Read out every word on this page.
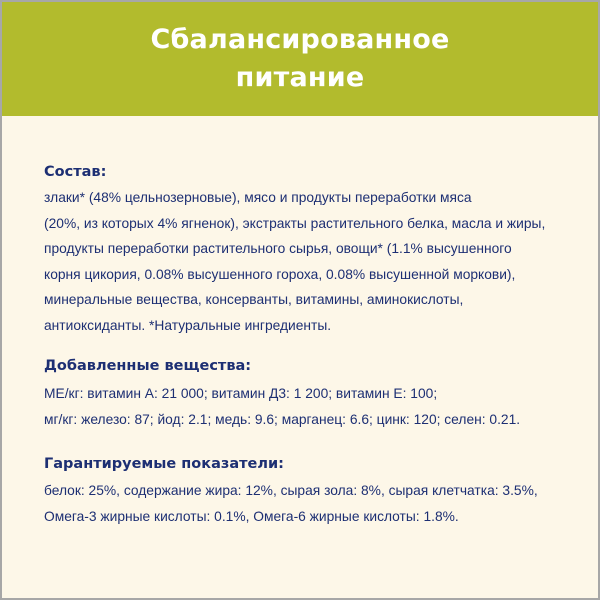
Сбалансированное
питание
Состав:
злаки* (48% цельнозерновые), мясо и продукты переработки мяса
(20%, из которых 4% ягненок), экстракты растительного белка, масла и жиры,
продукты переработки растительного сырья, овощи* (1.1% высушенного
корня цикория, 0.08% высушенного гороха, 0.08% высушенной моркови),
минеральные вещества, консерванты, витамины, аминокислоты,
антиоксиданты. *Натуральные ингредиенты.
Добавленные вещества:
МЕ/кг: витамин А: 21 000; витамин Д3: 1 200; витамин Е: 100;
мг/кг: железо: 87; йод: 2.1; медь: 9.6; марганец: 6.6; цинк: 120; селен: 0.21.
Гарантируемые показатели:
белок: 25%, содержание жира: 12%, сырая зола: 8%, сырая клетчатка: 3.5%,
Омега-3 жирные кислоты: 0.1%, Омега-6 жирные кислоты: 1.8%.
